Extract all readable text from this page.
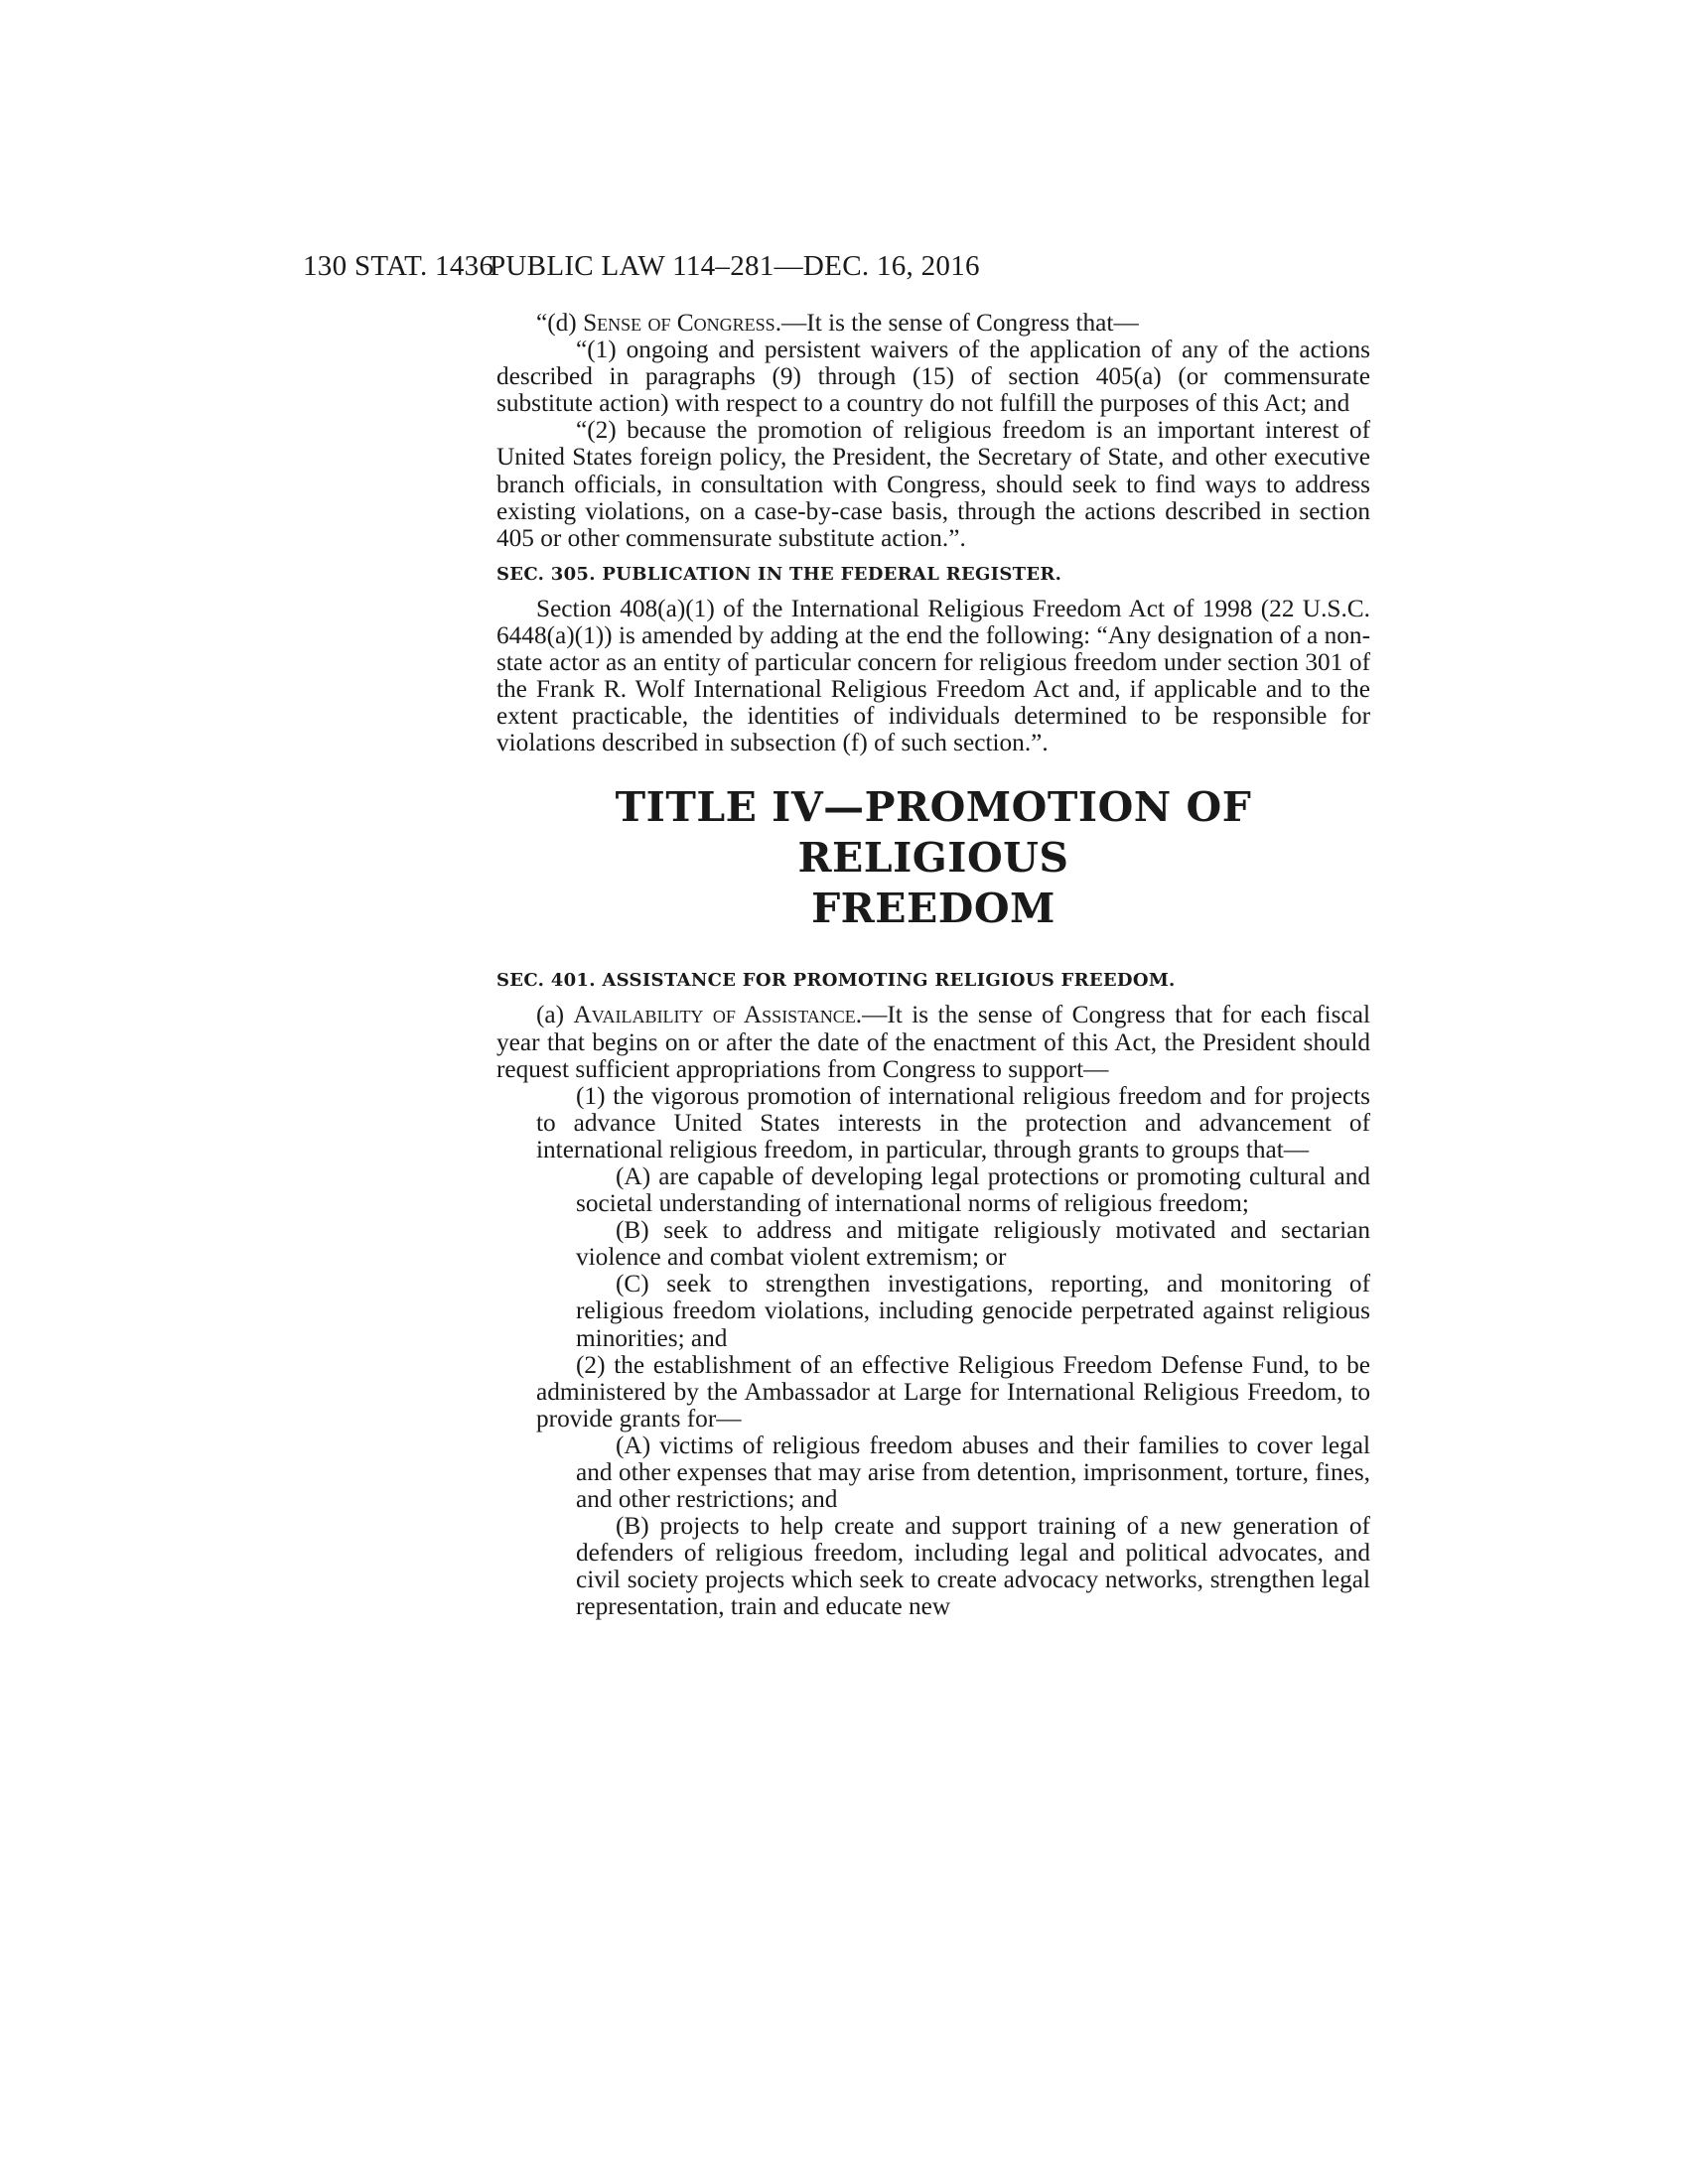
130 STAT. 1436
PUBLIC LAW 114–281—DEC. 16, 2016

“(d) Sense of Congress.—It is the sense of Congress that—

“(1) ongoing and persistent waivers of the application of any of the actions described in paragraphs (9) through (15) of section 405(a) (or commensurate substitute action) with respect to a country do not fulfill the purposes of this Act; and

“(2) because the promotion of religious freedom is an important interest of United States foreign policy, the President, the Secretary of State, and other executive branch officials, in consultation with Congress, should seek to find ways to address existing violations, on a case-by-case basis, through the actions described in section 405 or other commensurate substitute action.”.

SEC. 305. PUBLICATION IN THE FEDERAL REGISTER.

Section 408(a)(1) of the International Religious Freedom Act of 1998 (22 U.S.C. 6448(a)(1)) is amended by adding at the end the following: “Any designation of a non-state actor as an entity of particular concern for religious freedom under section 301 of the Frank R. Wolf International Religious Freedom Act and, if applicable and to the extent practicable, the identities of individuals determined to be responsible for violations described in subsection (f) of such section.”.

TITLE IV—PROMOTION OF RELIGIOUS
FREEDOM

SEC. 401. ASSISTANCE FOR PROMOTING RELIGIOUS FREEDOM.

(a) Availability of Assistance.—It is the sense of Congress that for each fiscal year that begins on or after the date of the enactment of this Act, the President should request sufficient appropriations from Congress to support—

(1) the vigorous promotion of international religious freedom and for projects to advance United States interests in the protection and advancement of international religious freedom, in particular, through grants to groups that—

(A) are capable of developing legal protections or promoting cultural and societal understanding of international norms of religious freedom;

(B) seek to address and mitigate religiously motivated and sectarian violence and combat violent extremism; or

(C) seek to strengthen investigations, reporting, and monitoring of religious freedom violations, including genocide perpetrated against religious minorities; and

(2) the establishment of an effective Religious Freedom Defense Fund, to be administered by the Ambassador at Large for International Religious Freedom, to provide grants for—

(A) victims of religious freedom abuses and their families to cover legal and other expenses that may arise from detention, imprisonment, torture, fines, and other restrictions; and

(B) projects to help create and support training of a new generation of defenders of religious freedom, including legal and political advocates, and civil society projects which seek to create advocacy networks, strengthen legal representation, train and educate new
